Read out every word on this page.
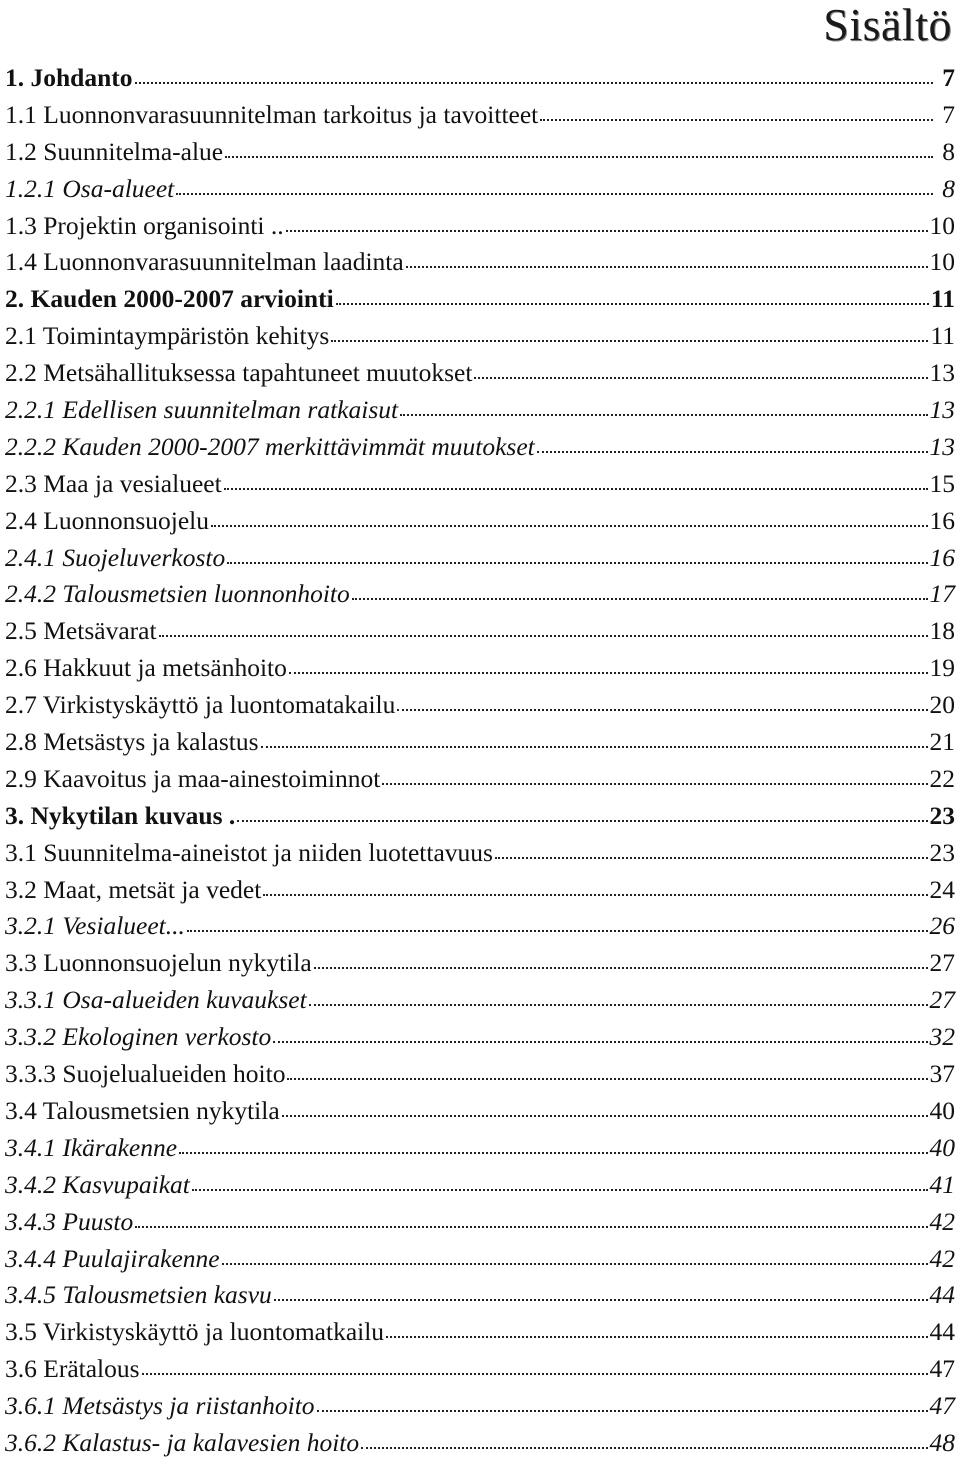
Sisältö
1. Johdanto	7
1.1 Luonnonvarasuunnitelman tarkoitus ja tavoitteet	7
1.2 Suunnitelma-alue	8
1.2.1 Osa-alueet	8
1.3 Projektin organisointi ..	10
1.4 Luonnonvarasuunnitelman laadinta	10
2. Kauden 2000-2007 arviointi	11
2.1 Toimintaympäristön kehitys	11
2.2 Metsähallituksessa tapahtuneet muutokset	13
2.2.1 Edellisen suunnitelman ratkaisut	13
2.2.2 Kauden 2000-2007 merkittävimmät muutokset	13
2.3 Maa ja vesialueet	15
2.4 Luonnonsuojelu	16
2.4.1 Suojeluverkosto	16
2.4.2 Talousmetsien luonnonhoito	17
2.5 Metsävarat	18
2.6 Hakkuut ja metsänhoito	19
2.7 Virkistyskäyttö ja luontomatakailu	20
2.8 Metsästys ja kalastus	21
2.9 Kaavoitus ja maa-ainestoiminnot	22
3. Nykytilan kuvaus .	23
3.1 Suunnitelma-aineistot ja niiden luotettavuus	23
3.2 Maat, metsät ja vedet	24
3.2.1 Vesialueet...	26
3.3 Luonnonsuojelun nykytila	27
3.3.1 Osa-alueiden kuvaukset	27
3.3.2 Ekologinen verkosto	32
3.3.3 Suojelualueiden hoito	37
3.4 Talousmetsien nykytila	40
3.4.1 Ikärakenne	40
3.4.2 Kasvupaikat	41
3.4.3 Puusto	42
3.4.4 Puulajirakenne	42
3.4.5 Talousmetsien kasvu	44
3.5 Virkistyskäyttö ja luontomatkailu	44
3.6 Erätalous	47
3.6.1 Metsästys ja riistanhoito	47
3.6.2 Kalastus- ja kalavesien hoito	48
